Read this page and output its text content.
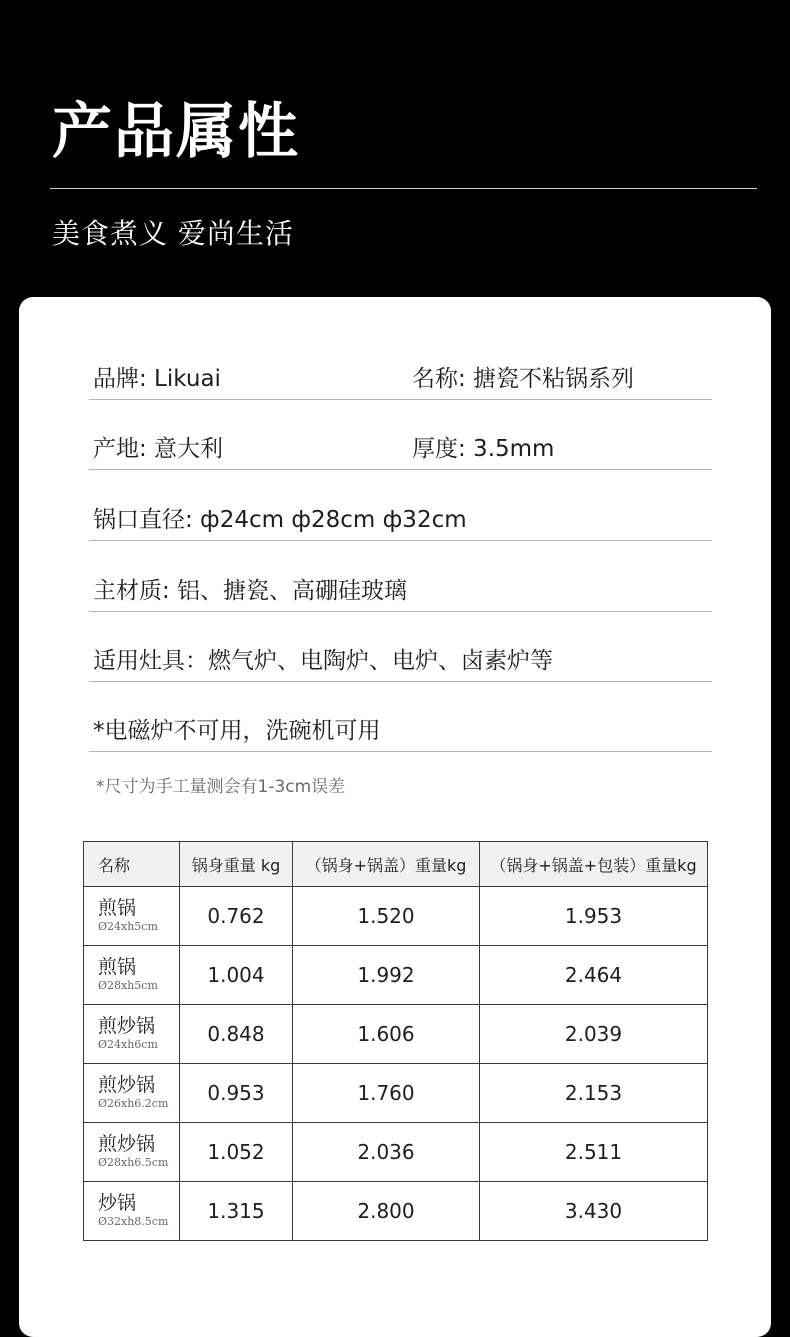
产品属性
美食煮义 爱尚生活
品牌: Likuai	名称: 搪瓷不粘锅系列
产地: 意大利	厚度: 3.5mm
锅口直径: ф24cm ф28cm ф32cm
主材质: 铝、搪瓷、高硼硅玻璃
适用灶具：燃气炉、电陶炉、电炉、卤素炉等
*电磁炉不可用，洗碗机可用
*尺寸为手工量测会有1-3cm误差
名称	锅身重量 kg	（锅身+锅盖）重量kg	（锅身+锅盖+包装）重量kg

煎锅
Ø24xh5cm	0.762	1.520	1.953

煎锅
Ø28xh5cm	1.004	1.992	2.464

煎炒锅
Ø24xh6cm	0.848	1.606	2.039

煎炒锅
Ø26xh6.2cm	0.953	1.760	2.153

煎炒锅
Ø28xh6.5cm	1.052	2.036	2.511

炒锅
Ø32xh8.5cm	1.315	2.800	3.430
